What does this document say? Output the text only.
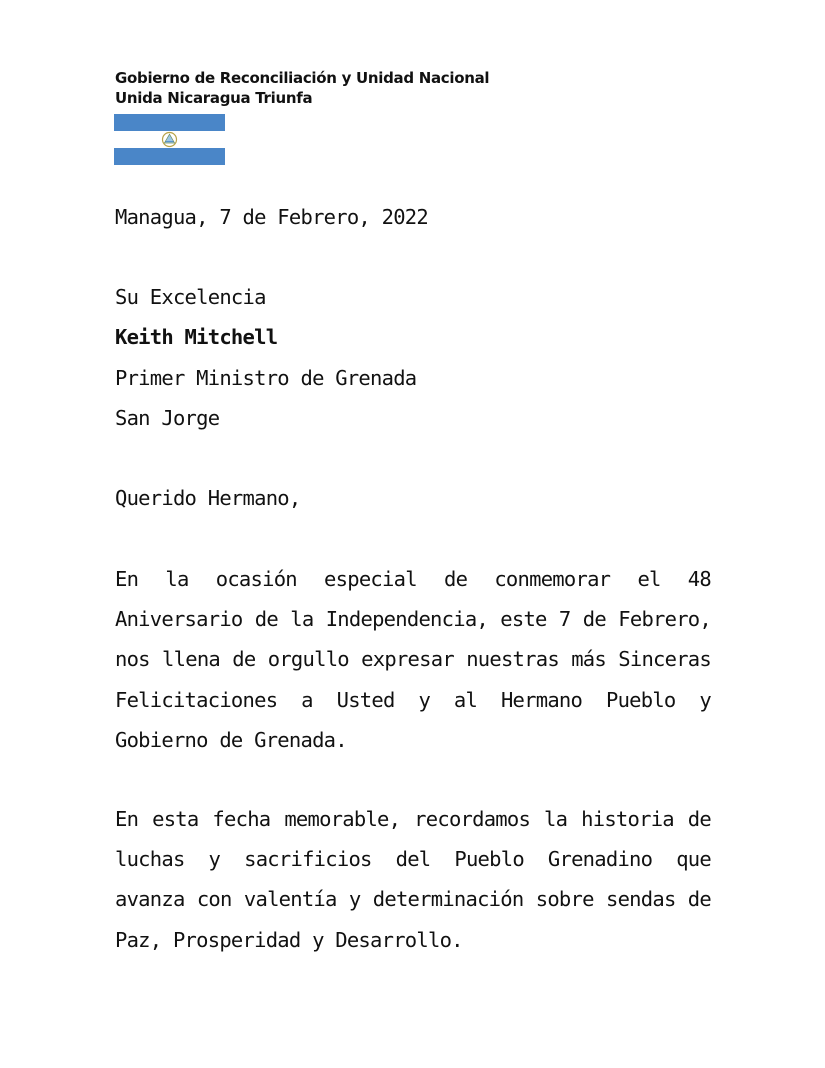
Gobierno de Reconciliación y Unidad Nacional
Unida Nicaragua Triunfa
Managua, 7 de Febrero, 2022
Su Excelencia
Keith Mitchell
Primer Ministro de Grenada
San Jorge
Querido Hermano,
En la ocasión especial de conmemorar el 48 Aniversario de la Independencia, este 7 de Febrero, nos llena de orgullo expresar nuestras más Sinceras Felicitaciones a Usted y al Hermano Pueblo y Gobierno de Grenada.
En esta fecha memorable, recordamos la historia de luchas y sacrificios del Pueblo Grenadino que avanza con valentía y determinación sobre sendas de Paz, Prosperidad y Desarrollo.
